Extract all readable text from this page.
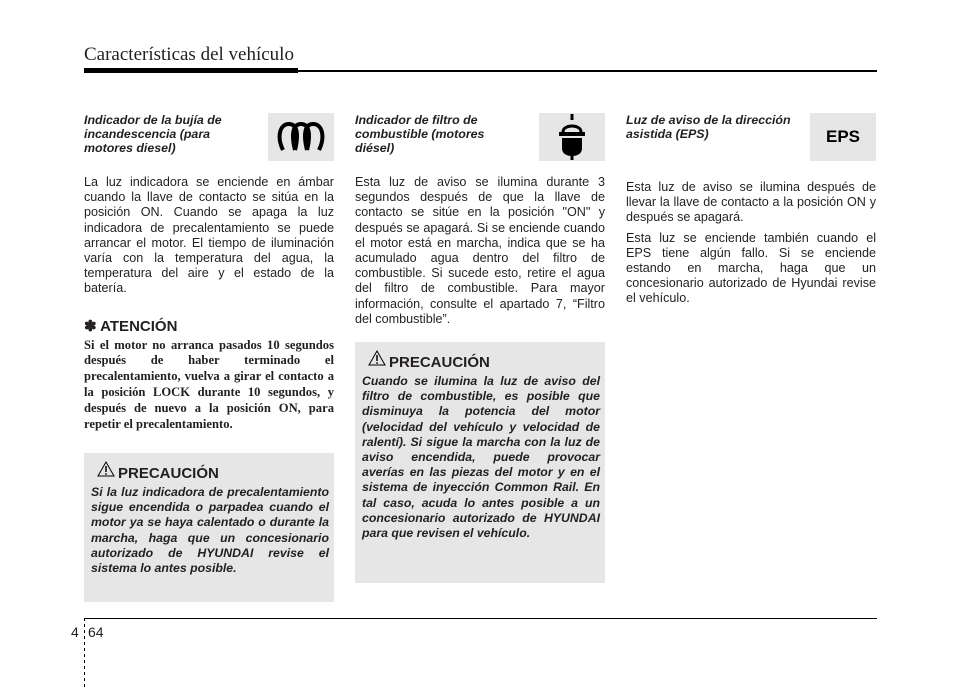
Características del vehículo
Indicador de la bujía de incandescencia (para motores diesel)

La luz indicadora se enciende en ámbar cuando la llave de contacto se sitúa en la posición ON. Cuando se apaga la luz indicadora de precalentamiento se puede arrancar el motor. El tiempo de iluminación varía con la temperatura del agua, la temperatura del aire y el estado de la batería.

✽ ATENCIÓN
Si el motor no arranca pasados 10 segundos después de haber terminado el precalentamiento, vuelva a girar el contacto a la posición LOCK durante 10 segundos, y después de nuevo a la posición ON, para repetir el precalentamiento.
PRECAUCIÓN
Si la luz indicadora de precalentamiento sigue encendida o parpadea cuando el motor ya se haya calentado o durante la marcha, haga que un concesionario autorizado de HYUNDAI revise el sistema lo antes posible.
Indicador de filtro de combustible (motores diésel)

Esta luz de aviso se ilumina durante 3 segundos después de que la llave de contacto se sitúe en la posición "ON" y después se apagará. Si se enciende cuando el motor está en marcha, indica que se ha acumulado agua dentro del filtro de combustible. Si sucede esto, retire el agua del filtro de combustible. Para mayor información, consulte el apartado 7, “Filtro del combustible”.

PRECAUCIÓN
Cuando se ilumina la luz de aviso del filtro de combustible, es posible que disminuya la potencia del motor (velocidad del vehículo y velocidad de ralentí). Si sigue la marcha con la luz de aviso encendida, puede provocar averías en las piezas del motor y en el sistema de inyección Common Rail. En tal caso, acuda lo antes posible a un concesionario autorizado de HYUNDAI para que revisen el vehículo.
Luz de aviso de la dirección asistida (EPS)	EPS

Esta luz de aviso se ilumina después de llevar la llave de contacto a la posición ON y después se apagará.

Esta luz se enciende también cuando el EPS tiene algún fallo. Si se enciende estando en marcha, haga que un concesionario autorizado de Hyundai revise el vehículo.

4 64
